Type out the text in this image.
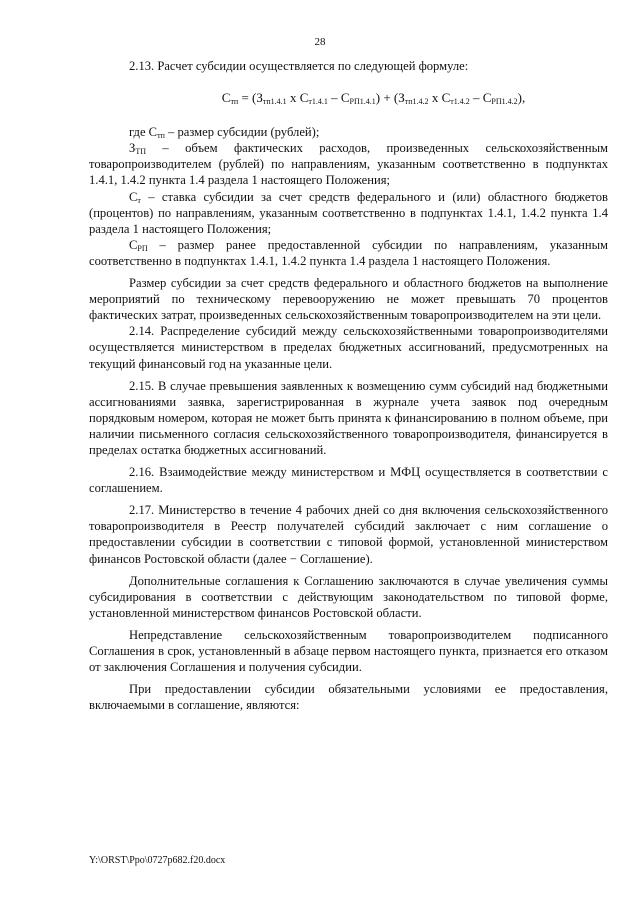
28

2.13. Расчет субсидии осуществляется по следующей формуле:

$С_{тп} = (З_{тп1.4.1}$ х $С_{т1.4.1} - С_{РП1.4.1}) + (З_{тп1.4.2}$ х $С_{т1.4.2} - С_{РП1.4.2}$),

где $С_{тп}$ – размер субсидии (рублей);

$З_{ТП}$ – объем фактических расходов, произведенных сельскохозяйственным товаропроизводителем (рублей) по направлениям, указанным соответственно в подпунктах 1.4.1, 1.4.2 пункта 1.4 раздела 1 настоящего Положения;

$С_т$ – ставка субсидии за счет средств федерального и (или) областного бюджетов (процентов) по направлениям, указанным соответственно в подпунктах 1.4.1, 1.4.2 пункта 1.4 раздела 1 настоящего Положения;

$С_{РП}$ – размер ранее предоставленной субсидии по направлениям, указанным соответственно в подпунктах 1.4.1, 1.4.2 пункта 1.4 раздела 1 настоящего Положения.

Размер субсидии за счет средств федерального и областного бюджетов на выполнение мероприятий по техническому перевооружению не может превышать 70 процентов фактических затрат, произведенных сельскохозяйственным товаропроизводителем на эти цели.

2.14. Распределение субсидий между сельскохозяйственными товаропроизводителями осуществляется министерством в пределах бюджетных ассигнований, предусмотренных на текущий финансовый год на указанные цели.

2.15. В случае превышения заявленных к возмещению сумм субсидий над бюджетными ассигнованиями заявка, зарегистрированная в журнале учета заявок под очередным порядковым номером, которая не может быть принята к финансированию в полном объеме, при наличии письменного согласия сельскохозяйственного товаропроизводителя, финансируется в пределах остатка бюджетных ассигнований.

2.16. Взаимодействие между министерством и МФЦ осуществляется в соответствии с соглашением.

2.17. Министерство в течение 4 рабочих дней со дня включения сельскохозяйственного товаропроизводителя в Реестр получателей субсидий заключает с ним соглашение о предоставлении субсидии в соответствии с типовой формой, установленной министерством финансов Ростовской области (далее − Соглашение).

Дополнительные соглашения к Соглашению заключаются в случае увеличения суммы субсидирования в соответствии с действующим законодательством по типовой форме, установленной министерством финансов Ростовской области.

Непредставление сельскохозяйственным товаропроизводителем подписанного Соглашения в срок, установленный в абзаце первом настоящего пункта, признается его отказом от заключения Соглашения и получения субсидии.

При предоставлении субсидии обязательными условиями ее предоставления, включаемыми в соглашение, являются:

Y:\ORST\Ppo\0727p682.f20.docx
